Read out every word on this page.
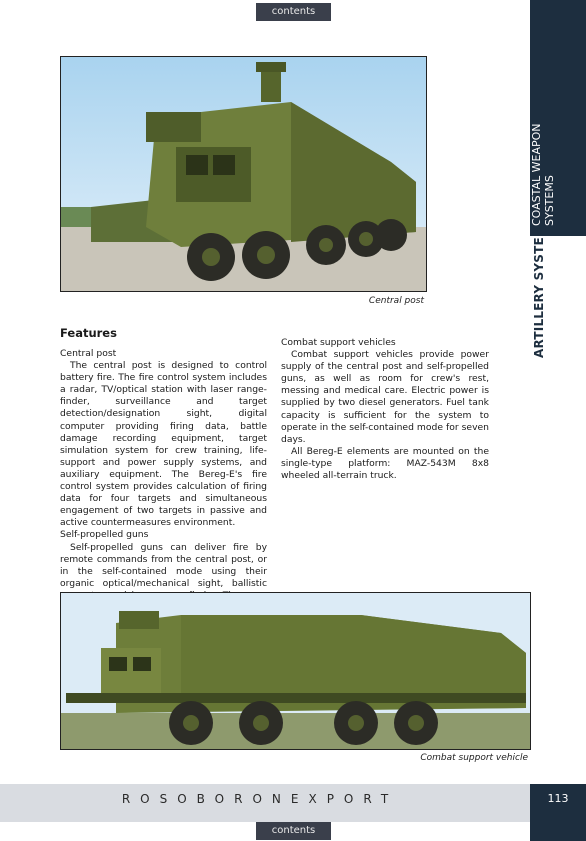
contents
COASTAL WEAPON SYSTEMS
ARTILLERY SYSTEMS
Central post
Features

Central post

The central post is designed to control battery fire. The fire control system includes a radar, TV/optical station with laser range-finder, surveillance and target detection/designation sight, digital computer providing firing data, battle damage recording equipment, target simulation system for crew training, life-support and power supply systems, and auxiliary equipment. The Bereg-E's fire control system provides calculation of firing data for four targets and simultaneous engagement of two targets in passive and active countermeasures environment.

Self-propelled guns

Self-propelled guns can deliver fire by remote commands from the central post, or in the self-contained mode using their organic optical/mechanical sight, ballistic

Combat support vehicles

Combat support vehicles provide power supply of the central post and self-propelled guns, as well as room for crew's rest, messing and medical care. Electric power is supplied by two diesel generators. Fuel tank capacity is sufficient for the system to operate in the self-contained mode for seven days.

All Bereg-E elements are mounted on the single-type platform: MAZ-543M 8x8 wheeled all-terrain truck.

Combat support vehicle
ROSOBORONEXPORT	113
contents
